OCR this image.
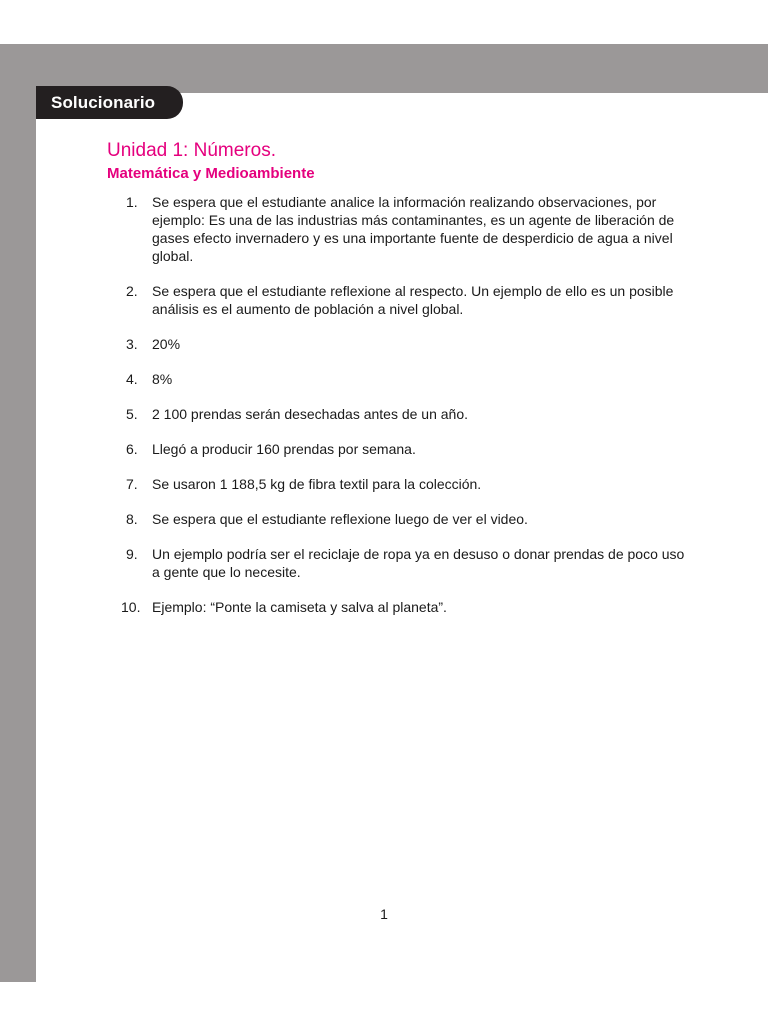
Solucionario
Unidad 1: Números.
Matemática y Medioambiente
1. Se espera que el estudiante analice la información realizando observaciones, por ejemplo: Es una de las industrias más contaminantes, es un agente de liberación de gases efecto invernadero y es una importante fuente de desperdicio de agua a nivel global.
2. Se espera que el estudiante reflexione al respecto. Un ejemplo de ello es un posible análisis es el aumento de población a nivel global.
3. 20%
4. 8%
5. 2 100 prendas serán desechadas antes de un año.
6. Llegó a producir 160 prendas por semana.
7. Se usaron 1 188,5 kg de fibra textil para la colección.
8. Se espera que el estudiante reflexione luego de ver el video.
9. Un ejemplo podría ser el reciclaje de ropa ya en desuso o donar prendas de poco uso a gente que lo necesite.
10. Ejemplo: “Ponte la camiseta y salva al planeta”.
1
